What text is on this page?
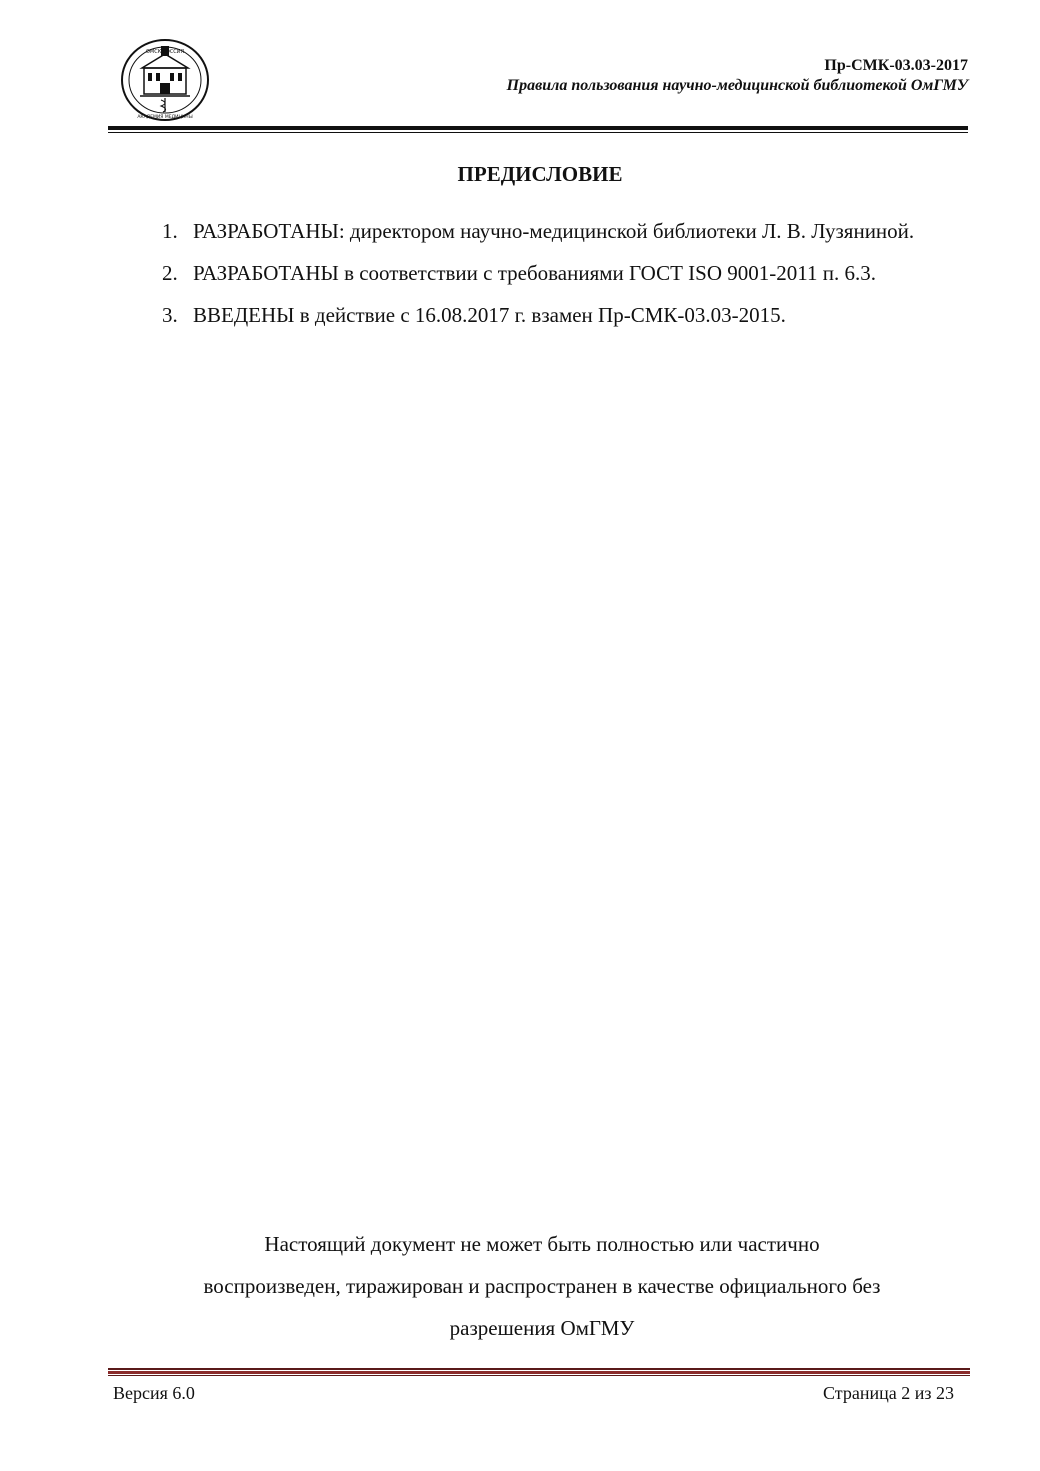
ОМСК РОССИЯ
АКАДЕМИЯ МЕДИЦИНЫ
Пр-СМК-03.03-2017
Правила пользования научно-медицинской библиотекой ОмГМУ
ПРЕДИСЛОВИЕ

1. РАЗРАБОТАНЫ: директором научно-медицинской библиотеки Л. В. Лузяниной.

2. РАЗРАБОТАНЫ в соответствии с требованиями ГОСТ ISO 9001-2011 п. 6.3.

3. ВВЕДЕНЫ в действие с 16.08.2017 г. взамен Пр-СМК-03.03-2015.

Настоящий документ не может быть полностью или частично
воспроизведен, тиражирован и распространен в качестве официального без
разрешения ОмГМУ
Версия 6.0	Страница 2 из 23
